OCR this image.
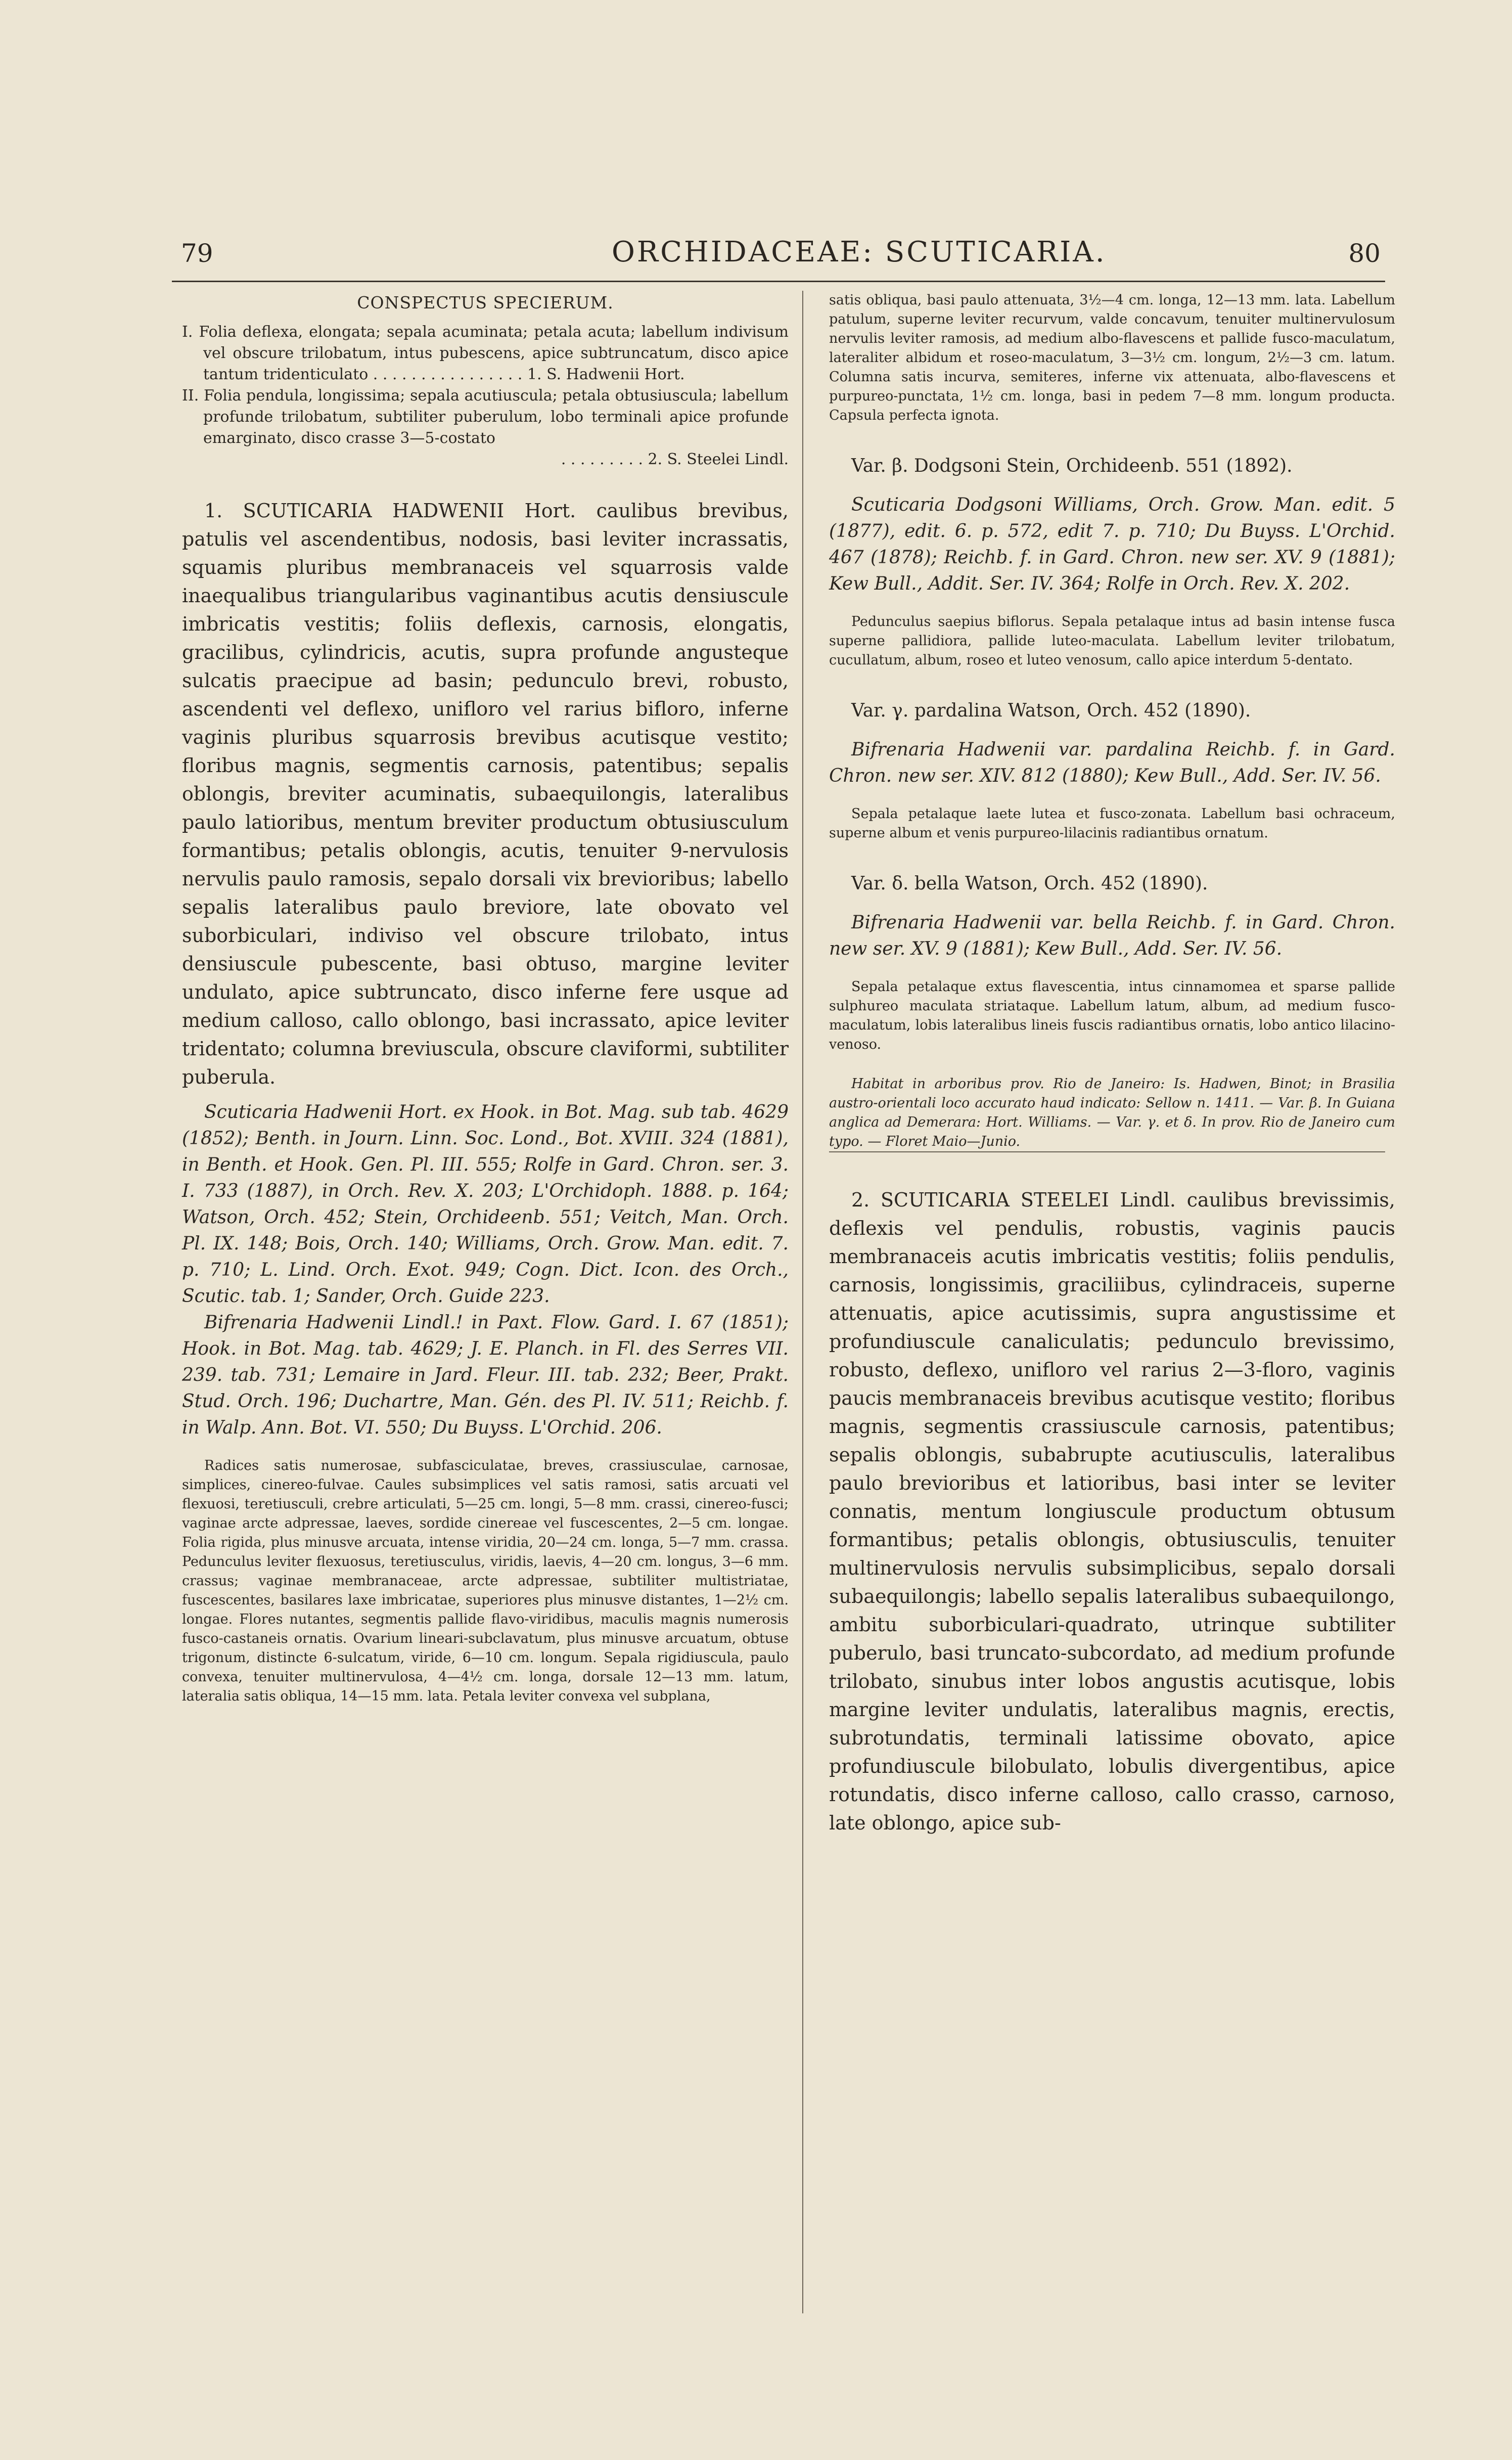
79	ORCHIDACEAE: SCUTICARIA.	80

CONSPECTUS SPECIERUM.

I. Folia deflexa, elongata; sepala acuminata; petala acuta; labellum indivisum vel obscure trilobatum, intus pubescens, apice subtruncatum, disco apice tantum tridenticulato . . . . . . . . . . . . . . . . 1. S. Hadwenii Hort.

II. Folia pendula, longissima; sepala acutiuscula; petala obtusiuscula; labellum profunde trilobatum, subtiliter puberulum, lobo terminali apice profunde emarginato, disco crasse 3—5-costato

. . . . . . . . . 2. S. Steelei Lindl.

1. SCUTICARIA HADWENII Hort. caulibus brevibus, patulis vel ascendentibus, nodosis, basi leviter incrassatis, squamis pluribus membranaceis vel squarrosis valde inaequalibus triangularibus vaginantibus acutis densiuscule imbricatis vestitis; foliis deflexis, carnosis, elongatis, gracilibus, cylindricis, acutis, supra profunde angusteque sulcatis praecipue ad basin; pedunculo brevi, robusto, ascendenti vel deflexo, unifloro vel rarius bifloro, inferne vaginis pluribus squarrosis brevibus acutisque vestito; floribus magnis, segmentis carnosis, patentibus; sepalis oblongis, breviter acuminatis, subaequilongis, lateralibus paulo latioribus, mentum breviter productum obtusiusculum formantibus; petalis oblongis, acutis, tenuiter 9-nervulosis nervulis paulo ramosis, sepalo dorsali vix brevioribus; labello sepalis lateralibus paulo breviore, late obovato vel suborbiculari, indiviso vel obscure trilobato, intus densiuscule pubescente, basi obtuso, margine leviter undulato, apice subtruncato, disco inferne fere usque ad medium calloso, callo oblongo, basi incrassato, apice leviter tridentato; columna breviuscula, obscure claviformi, subtiliter puberula.

Scuticaria Hadwenii Hort. ex Hook. in Bot. Mag. sub tab. 4629 (1852); Benth. in Journ. Linn. Soc. Lond., Bot. XVIII. 324 (1881), in Benth. et Hook. Gen. Pl. III. 555; Rolfe in Gard. Chron. ser. 3. I. 733 (1887), in Orch. Rev. X. 203; L'Orchidoph. 1888. p. 164; Watson, Orch. 452; Stein, Orchideenb. 551; Veitch, Man. Orch. Pl. IX. 148; Bois, Orch. 140; Williams, Orch. Grow. Man. edit. 7. p. 710; L. Lind. Orch. Exot. 949; Cogn. Dict. Icon. des Orch., Scutic. tab. 1; Sander, Orch. Guide 223.

Bifrenaria Hadwenii Lindl.! in Paxt. Flow. Gard. I. 67 (1851); Hook. in Bot. Mag. tab. 4629; J. E. Planch. in Fl. des Serres VII. 239. tab. 731; Lemaire in Jard. Fleur. III. tab. 232; Beer, Prakt. Stud. Orch. 196; Duchartre, Man. Gén. des Pl. IV. 511; Reichb. f. in Walp. Ann. Bot. VI. 550; Du Buyss. L'Orchid. 206.

Radices satis numerosae, subfasciculatae, breves, crassiusculae, carnosae, simplices, cinereo-fulvae. Caules subsimplices vel satis ramosi, satis arcuati vel flexuosi, teretiusculi, crebre articulati, 5—25 cm. longi, 5—8 mm. crassi, cinereo-fusci; vaginae arcte adpressae, laeves, sordide cinereae vel fuscescentes, 2—5 cm. longae. Folia rigida, plus minusve arcuata, intense viridia, 20—24 cm. longa, 5—7 mm. crassa. Pedunculus leviter flexuosus, teretiusculus, viridis, laevis, 4—20 cm. longus, 3—6 mm. crassus; vaginae membranaceae, arcte adpressae, subtiliter multistriatae, fuscescentes, basilares laxe imbricatae, superiores plus minusve distantes, 1—2½ cm. longae. Flores nutantes, segmentis pallide flavo-viridibus, maculis magnis numerosis fusco-castaneis ornatis. Ovarium lineari-subclavatum, plus minusve arcuatum, obtuse trigonum, distincte 6-sulcatum, viride, 6—10 cm. longum. Sepala rigidiuscula, paulo convexa, tenuiter multinervulosa, 4—4½ cm. longa, dorsale 12—13 mm. latum, lateralia satis obliqua, 14—15 mm. lata. Petala leviter convexa vel subplana,

satis obliqua, basi paulo attenuata, 3½—4 cm. longa, 12—13 mm. lata. Labellum patulum, superne leviter recurvum, valde concavum, tenuiter multinervulosum nervulis leviter ramosis, ad medium albo-flavescens et pallide fusco-maculatum, lateraliter albidum et roseo-maculatum, 3—3½ cm. longum, 2½—3 cm. latum. Columna satis incurva, semiteres, inferne vix attenuata, albo-flavescens et purpureo-punctata, 1½ cm. longa, basi in pedem 7—8 mm. longum producta. Capsula perfecta ignota.

Var. β. Dodgsoni Stein, Orchideenb. 551 (1892).

Scuticaria Dodgsoni Williams, Orch. Grow. Man. edit. 5 (1877), edit. 6. p. 572, edit 7. p. 710; Du Buyss. L'Orchid. 467 (1878); Reichb. f. in Gard. Chron. new ser. XV. 9 (1881); Kew Bull., Addit. Ser. IV. 364; Rolfe in Orch. Rev. X. 202.

Pedunculus saepius biflorus. Sepala petalaque intus ad basin intense fusca superne pallidiora, pallide luteo-maculata. Labellum leviter trilobatum, cucullatum, album, roseo et luteo venosum, callo apice interdum 5-dentato.

Var. γ. pardalina Watson, Orch. 452 (1890).

Bifrenaria Hadwenii var. pardalina Reichb. f. in Gard. Chron. new ser. XIV. 812 (1880); Kew Bull., Add. Ser. IV. 56.

Sepala petalaque laete lutea et fusco-zonata. Labellum basi ochraceum, superne album et venis purpureo-lilacinis radiantibus ornatum.

Var. δ. bella Watson, Orch. 452 (1890).

Bifrenaria Hadwenii var. bella Reichb. f. in Gard. Chron. new ser. XV. 9 (1881); Kew Bull., Add. Ser. IV. 56.

Sepala petalaque extus flavescentia, intus cinnamomea et sparse pallide sulphureo maculata striataque. Labellum latum, album, ad medium fusco-maculatum, lobis lateralibus lineis fuscis radiantibus ornatis, lobo antico lilacino-venoso.

Habitat in arboribus prov. Rio de Janeiro: Is. Hadwen, Binot; in Brasilia austro-orientali loco accurato haud indicato: Sellow n. 1411. — Var. β. In Guiana anglica ad Demerara: Hort. Williams. — Var. γ. et δ. In prov. Rio de Janeiro cum typo. — Floret Maio—Junio.

2. SCUTICARIA STEELEI Lindl. caulibus brevissimis, deflexis vel pendulis, robustis, vaginis paucis membranaceis acutis imbricatis vestitis; foliis pendulis, carnosis, longissimis, graciliibus, cylindraceis, superne attenuatis, apice acutissimis, supra angustissime et profundiuscule canaliculatis; pedunculo brevissimo, robusto, deflexo, unifloro vel rarius 2—3-floro, vaginis paucis membranaceis brevibus acutisque vestito; floribus magnis, segmentis crassiuscule carnosis, patentibus; sepalis oblongis, subabrupte acutiusculis, lateralibus paulo brevioribus et latioribus, basi inter se leviter connatis, mentum longiuscule productum obtusum formantibus; petalis oblongis, obtusiusculis, tenuiter multinervulosis nervulis subsimplicibus, sepalo dorsali subaequilongis; labello sepalis lateralibus subaequilongo, ambitu suborbiculari-quadrato, utrinque subtiliter puberulo, basi truncato-subcordato, ad medium profunde trilobato, sinubus inter lobos angustis acutisque, lobis margine leviter undulatis, lateralibus magnis, erectis, subrotundatis, terminali latissime obovato, apice profundiuscule bilobulato, lobulis divergentibus, apice rotundatis, disco inferne calloso, callo crasso, carnoso, late oblongo, apice sub-
